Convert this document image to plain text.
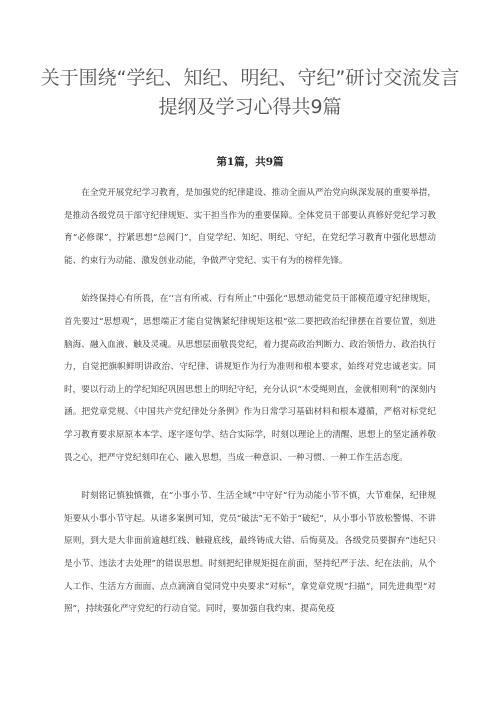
关于围绕“学纪、知纪、明纪、守纪”研讨交流发言提纲及学习心得共9篇
第1篇，共9篇

在全党开展党纪学习教育，是加强党的纪律建设、推动全面从严治党向纵深发展的重要举措，是推动各级党员干部守纪律规矩、实干担当作为的重要保障。全体党员干部要认真修好党纪学习教育“必修课”，拧紧思想“总阀门”，自觉学纪、知纪、明纪、守纪，在党纪学习教育中强化思想动能、约束行为动能、激发创业动能，争做严守党纪、实干有为的榜样先锋。

始终保持心有所畏，在‘‘言有所戒、行有所止”中强化“思想动能党员干部模范遵守纪律规矩，首先要过“思想观”，思想端正才能自觉镌紧纪律规矩这根“弦二要把政治纪律摆在首要位置，刻进脑海、融入血液、触及灵魂。从思想层面敬畏党纪，着力提高政治判断力、政治领悟力、政治执行力，自觉把旗帜鲜明讲政治、守纪律、讲规矩作为行为准则和根本要求，始终对党忠诚老实。同时，要以行动上的学纪知纪巩固思想上的明纪守纪，充分认识“木受绳则直，金就相则利”的深刻内涵。把党章党规、《中国共产党纪律处分条例》作为日常学习基础材料和根本遵循，严格对标党纪学习教育要求原原本本学、逐字逐句学、结合实际学，时刻以理论上的清醒、思想上的坚定涵养敬畏之心，把严守党纪刻印在心、融入思想，当成一种意识、一种习惯、一种工作生活态度。

时刻铭记慎独慎微，在“小事小节、生活全域”中守好“行为动能小节不慎，大节难保，纪律规矩要从小事小节守起。从诸多案例可知，党员“破法”无不始于“破纪”，从小事小节放松警惕、不讲原则，到大是大非面前逾越红线、触碰底线，最终铸成大错、后悔莫及。各级党员要摒弃“违纪只是小节、违法才去处理”的错误思想。时刻把纪律规矩挺在前面，坚持纪严于法、纪在法前，从个人工作、生活方方面面、点点滴滴自觉同党中央要求“对标”，拿党章党规“扫描”，同先进典型“对照”，持续强化严守党纪的行动自觉。同时，要加强自我约束、提高免疫
